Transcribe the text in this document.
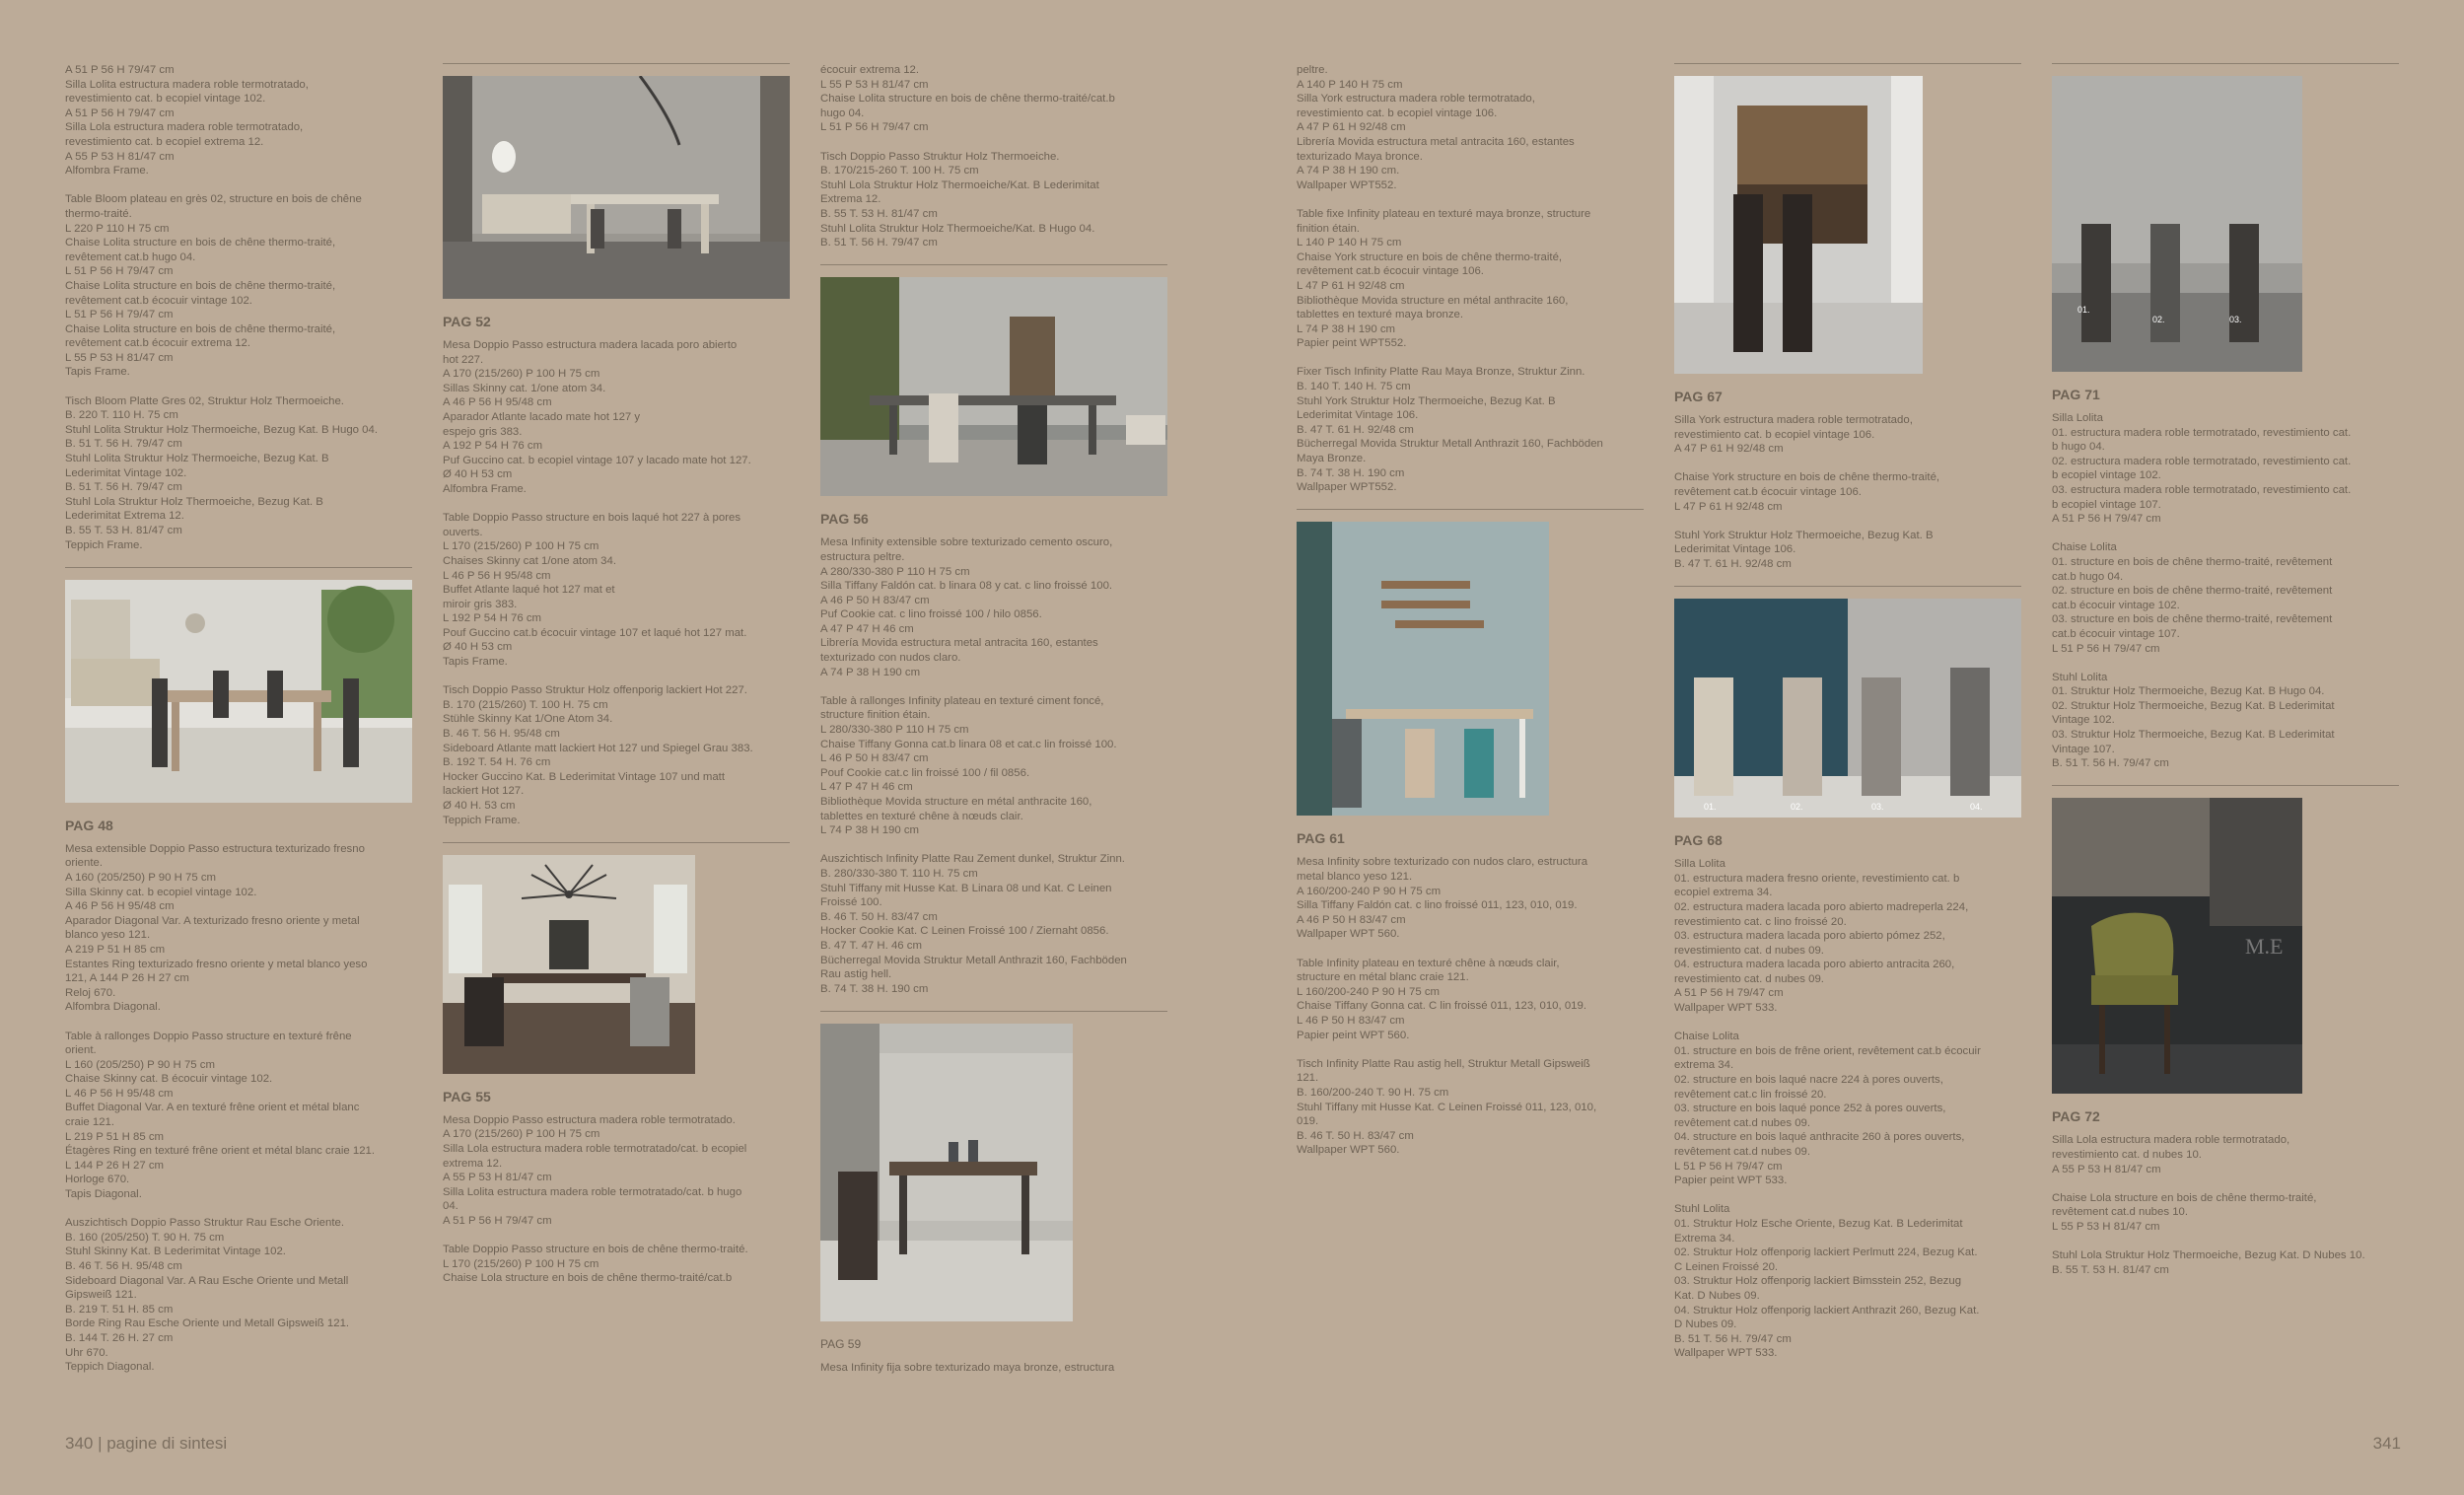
A 51 P 56 H 79/47 cm
Silla Lolita estructura madera roble termotratado,
revestimiento cat. b ecopiel vintage 102.
A 51 P 56 H 79/47 cm
Silla Lola estructura madera roble termotratado,
revestimiento cat. b ecopiel extrema 12.
A 55 P 53 H 81/47 cm
Alfombra Frame.

Table Bloom plateau en grès 02, structure en bois de chêne
thermo-traité.
L 220 P 110 H 75 cm
Chaise Lolita structure en bois de chêne thermo-traité,
revêtement cat.b hugo 04.
L 51 P 56 H 79/47 cm
Chaise Lolita structure en bois de chêne thermo-traité,
revêtement cat.b écocuir vintage 102.
L 51 P 56 H 79/47 cm
Chaise Lolita structure en bois de chêne thermo-traité,
revêtement cat.b écocuir extrema 12.
L 55 P 53 H 81/47 cm
Tapis Frame.

Tisch Bloom Platte Gres 02, Struktur Holz Thermoeiche.
B. 220 T. 110 H. 75 cm
Stuhl Lolita Struktur Holz Thermoeiche, Bezug Kat. B Hugo 04.
B. 51 T. 56 H. 79/47 cm
Stuhl Lolita Struktur Holz Thermoeiche, Bezug Kat. B
Lederimitat Vintage 102.
B. 51 T. 56 H. 79/47 cm
Stuhl Lola Struktur Holz Thermoeiche, Bezug Kat. B
Lederimitat Extrema 12.
B. 55 T. 53 H. 81/47 cm
Teppich Frame.

PAG 48

Mesa extensible Doppio Passo estructura texturizado fresno
oriente.
A 160 (205/250) P 90 H 75 cm
Silla Skinny cat. b ecopiel vintage 102.
A 46 P 56 H 95/48 cm
Aparador Diagonal Var. A texturizado fresno oriente y metal
blanco yeso 121.
A 219 P 51 H 85 cm
Estantes Ring texturizado fresno oriente y metal blanco yeso
121, A 144 P 26 H 27 cm
Reloj 670.
Alfombra Diagonal.

Table à rallonges Doppio Passo structure en texturé frêne
orient.
L 160 (205/250) P 90 H 75 cm
Chaise Skinny cat. B écocuir vintage 102.
L 46 P 56 H 95/48 cm
Buffet Diagonal Var. A en texturé frêne orient et métal blanc
craie 121.
L 219 P 51 H 85 cm
Étagères Ring en texturé frêne orient et métal blanc craie 121.
L 144 P 26 H 27 cm
Horloge 670.
Tapis Diagonal.

Auszichtisch Doppio Passo Struktur Rau Esche Oriente.
B. 160 (205/250) T. 90 H. 75 cm
Stuhl Skinny Kat. B Lederimitat Vintage 102.
B. 46 T. 56 H. 95/48 cm
Sideboard Diagonal Var. A Rau Esche Oriente und Metall
Gipsweiß 121.
B. 219 T. 51 H. 85 cm
Borde Ring Rau Esche Oriente und Metall Gipsweiß 121.
B. 144 T. 26 H. 27 cm
Uhr 670.
Teppich Diagonal.

PAG 52

Mesa Doppio Passo estructura madera lacada poro abierto
hot 227.
A 170 (215/260) P 100 H 75 cm
Sillas Skinny cat. 1/one atom 34.
A 46 P 56 H 95/48 cm
Aparador Atlante lacado mate hot 127 y
espejo gris 383.
A 192 P 54 H 76 cm
Puf Guccino cat. b ecopiel vintage 107 y lacado mate hot 127.
Ø 40 H 53 cm
Alfombra Frame.

Table Doppio Passo structure en bois laqué hot 227 à pores
ouverts.
L 170 (215/260) P 100 H 75 cm
Chaises Skinny cat 1/one atom 34.
L 46 P 56 H 95/48 cm
Buffet Atlante laqué hot 127 mat et
miroir gris 383.
L 192 P 54 H 76 cm
Pouf Guccino cat.b écocuir vintage 107 et laqué hot 127 mat.
Ø 40 H 53 cm
Tapis Frame.

Tisch Doppio Passo Struktur Holz offenporig lackiert Hot 227.
B. 170 (215/260) T. 100 H. 75 cm
Stühle Skinny Kat 1/One Atom 34.
B. 46 T. 56 H. 95/48 cm
Sideboard Atlante matt lackiert Hot 127 und Spiegel Grau 383.
B. 192 T. 54 H. 76 cm
Hocker Guccino Kat. B Lederimitat Vintage 107 und matt
lackiert Hot 127.
Ø 40 H. 53 cm
Teppich Frame.

PAG 55

Mesa Doppio Passo estructura madera roble termotratado.
A 170 (215/260) P 100 H 75 cm
Silla Lola estructura madera roble termotratado/cat. b ecopiel
extrema 12.
A 55 P 53 H 81/47 cm
Silla Lolita estructura madera roble termotratado/cat. b hugo
04.
A 51 P 56 H 79/47 cm

Table Doppio Passo structure en bois de chêne thermo-traité.
L 170 (215/260) P 100 H 75 cm
Chaise Lola structure en bois de chêne thermo-traité/cat.b

écocuir extrema 12.
L 55 P 53 H 81/47 cm
Chaise Lolita structure en bois de chêne thermo-traité/cat.b
hugo 04.
L 51 P 56 H 79/47 cm

Tisch Doppio Passo Struktur Holz Thermoeiche.
B. 170/215-260 T. 100 H. 75 cm
Stuhl Lola Struktur Holz Thermoeiche/Kat. B Lederimitat
Extrema 12.
B. 55 T. 53 H. 81/47 cm
Stuhl Lolita Struktur Holz Thermoeiche/Kat. B Hugo 04.
B. 51 T. 56 H. 79/47 cm

PAG 56

Mesa Infinity extensible sobre texturizado cemento oscuro,
estructura peltre.
A 280/330-380 P 110 H 75 cm
Silla Tiffany Faldón cat. b linara 08 y cat. c lino froissé 100.
A 46 P 50 H 83/47 cm
Puf Cookie cat. c lino froissé 100 / hilo 0856.
A 47 P 47 H 46 cm
Librería Movida estructura metal antracita 160, estantes
texturizado con nudos claro.
A 74 P 38 H 190 cm

Table à rallonges Infinity plateau en texturé ciment foncé,
structure finition étain.
L 280/330-380 P 110 H 75 cm
Chaise Tiffany Gonna cat.b linara 08 et cat.c lin froissé 100.
L 46 P 50 H 83/47 cm
Pouf Cookie cat.c lin froissé 100 / fil 0856.
L 47 P 47 H 46 cm
Bibliothèque Movida structure en métal anthracite 160,
tablettes en texturé chêne à nœuds clair.
L 74 P 38 H 190 cm

Auszichtisch Infinity Platte Rau Zement dunkel, Struktur Zinn.
B. 280/330-380 T. 110 H. 75 cm
Stuhl Tiffany mit Husse Kat. B Linara 08 und Kat. C Leinen
Froissé 100.
B. 46 T. 50 H. 83/47 cm
Hocker Cookie Kat. C Leinen Froissé 100 / Ziernaht 0856.
B. 47 T. 47 H. 46 cm
Bücherregal Movida Struktur Metall Anthrazit 160, Fachböden
Rau astig hell.
B. 74 T. 38 H. 190 cm

PAG 59

Mesa Infinity fija sobre texturizado maya bronze, estructura

peltre.
A 140 P 140 H 75 cm
Silla York estructura madera roble termotratado,
revestimiento cat. b ecopiel vintage 106.
A 47 P 61 H 92/48 cm
Librería Movida estructura metal antracita 160, estantes
texturizado Maya bronce.
A 74 P 38 H 190 cm.
Wallpaper WPT552.

Table fixe Infinity plateau en texturé maya bronze, structure
finition étain.
L 140 P 140 H 75 cm
Chaise York structure en bois de chêne thermo-traité,
revêtement cat.b écocuir vintage 106.
L 47 P 61 H 92/48 cm
Bibliothèque Movida structure en métal anthracite 160,
tablettes en texturé maya bronze.
L 74 P 38 H 190 cm
Papier peint WPT552.

Fixer Tisch Infinity Platte Rau Maya Bronze, Struktur Zinn.
B. 140 T. 140 H. 75 cm
Stuhl York Struktur Holz Thermoeiche, Bezug Kat. B
Lederimitat Vintage 106.
B. 47 T. 61 H. 92/48 cm
Bücherregal Movida Struktur Metall Anthrazit 160, Fachböden
Maya Bronze.
B. 74 T. 38 H. 190 cm
Wallpaper WPT552.

PAG 61

Mesa Infinity sobre texturizado con nudos claro, estructura
metal blanco yeso 121.
A 160/200-240 P 90 H 75 cm
Silla Tiffany Faldón cat. c lino froissé 011, 123, 010, 019.
A 46 P 50 H 83/47 cm
Wallpaper WPT 560.

Table Infinity plateau en texturé chêne à nœuds clair,
structure en métal blanc craie 121.
L 160/200-240 P 90 H 75 cm
Chaise Tiffany Gonna cat. C lin froissé 011, 123, 010, 019.
L 46 P 50 H 83/47 cm
Papier peint WPT 560.

Tisch Infinity Platte Rau astig hell, Struktur Metall Gipsweiß
121.
B. 160/200-240 T. 90 H. 75 cm
Stuhl Tiffany mit Husse Kat. C Leinen Froissé 011, 123, 010,
019.
B. 46 T. 50 H. 83/47 cm
Wallpaper WPT 560.

PAG 67

Silla York estructura madera roble termotratado,
revestimiento cat. b ecopiel vintage 106.
A 47 P 61 H 92/48 cm

Chaise York structure en bois de chêne thermo-traité,
revêtement cat.b écocuir vintage 106.
L 47 P 61 H 92/48 cm

Stuhl York Struktur Holz Thermoeiche, Bezug Kat. B
Lederimitat Vintage 106.
B. 47 T. 61 H. 92/48 cm

01.	02.	03.	04.
PAG 68

Silla Lolita
01. estructura madera fresno oriente, revestimiento cat. b
ecopiel extrema 34.
02. estructura madera lacada poro abierto madreperla 224,
revestimiento cat. c lino froissé 20.
03. estructura madera lacada poro abierto pómez 252,
revestimiento cat. d nubes 09.
04. estructura madera lacada poro abierto antracita 260,
revestimiento cat. d nubes 09.
A 51 P 56 H 79/47 cm
Wallpaper WPT 533.

Chaise Lolita
01. structure en bois de frêne orient, revêtement cat.b écocuir
extrema 34.
02. structure en bois laqué nacre 224 à pores ouverts,
revêtement cat.c lin froissé 20.
03. structure en bois laqué ponce 252 à pores ouverts,
revêtement cat.d nubes 09.
04. structure en bois laqué anthracite 260 à pores ouverts,
revêtement cat.d nubes 09.
L 51 P 56 H 79/47 cm
Papier peint WPT 533.

Stuhl Lolita
01. Struktur Holz Esche Oriente, Bezug Kat. B Lederimitat
Extrema 34.
02. Struktur Holz offenporig lackiert Perlmutt 224, Bezug Kat.
C Leinen Froissé 20.
03. Struktur Holz offenporig lackiert Bimsstein 252, Bezug
Kat. D Nubes 09.
04. Struktur Holz offenporig lackiert Anthrazit 260, Bezug Kat.
D Nubes 09.
B. 51 T. 56 H. 79/47 cm
Wallpaper WPT 533.

01.
02.	03.
PAG 71

Silla Lolita
01. estructura madera roble termotratado, revestimiento cat.
b hugo 04.
02. estructura madera roble termotratado, revestimiento cat.
b ecopiel vintage 102.
03. estructura madera roble termotratado, revestimiento cat.
b ecopiel vintage 107.
A 51 P 56 H 79/47 cm

Chaise Lolita
01. structure en bois de chêne thermo-traité, revêtement
cat.b hugo 04.
02. structure en bois de chêne thermo-traité, revêtement
cat.b écocuir vintage 102.
03. structure en bois de chêne thermo-traité, revêtement
cat.b écocuir vintage 107.
L 51 P 56 H 79/47 cm

Stuhl Lolita
01. Struktur Holz Thermoeiche, Bezug Kat. B Hugo 04.
02. Struktur Holz Thermoeiche, Bezug Kat. B Lederimitat
Vintage 102.
03. Struktur Holz Thermoeiche, Bezug Kat. B Lederimitat
Vintage 107.
B. 51 T. 56 H. 79/47 cm

M.E
PAG 72

Silla Lola estructura madera roble termotratado,
revestimiento cat. d nubes 10.
A 55 P 53 H 81/47 cm

Chaise Lola structure en bois de chêne thermo-traité,
revêtement cat.d nubes 10.
L 55 P 53 H 81/47 cm

Stuhl Lola Struktur Holz Thermoeiche, Bezug Kat. D Nubes 10.
B. 55 T. 53 H. 81/47 cm

340 | pagine di sintesi	341
